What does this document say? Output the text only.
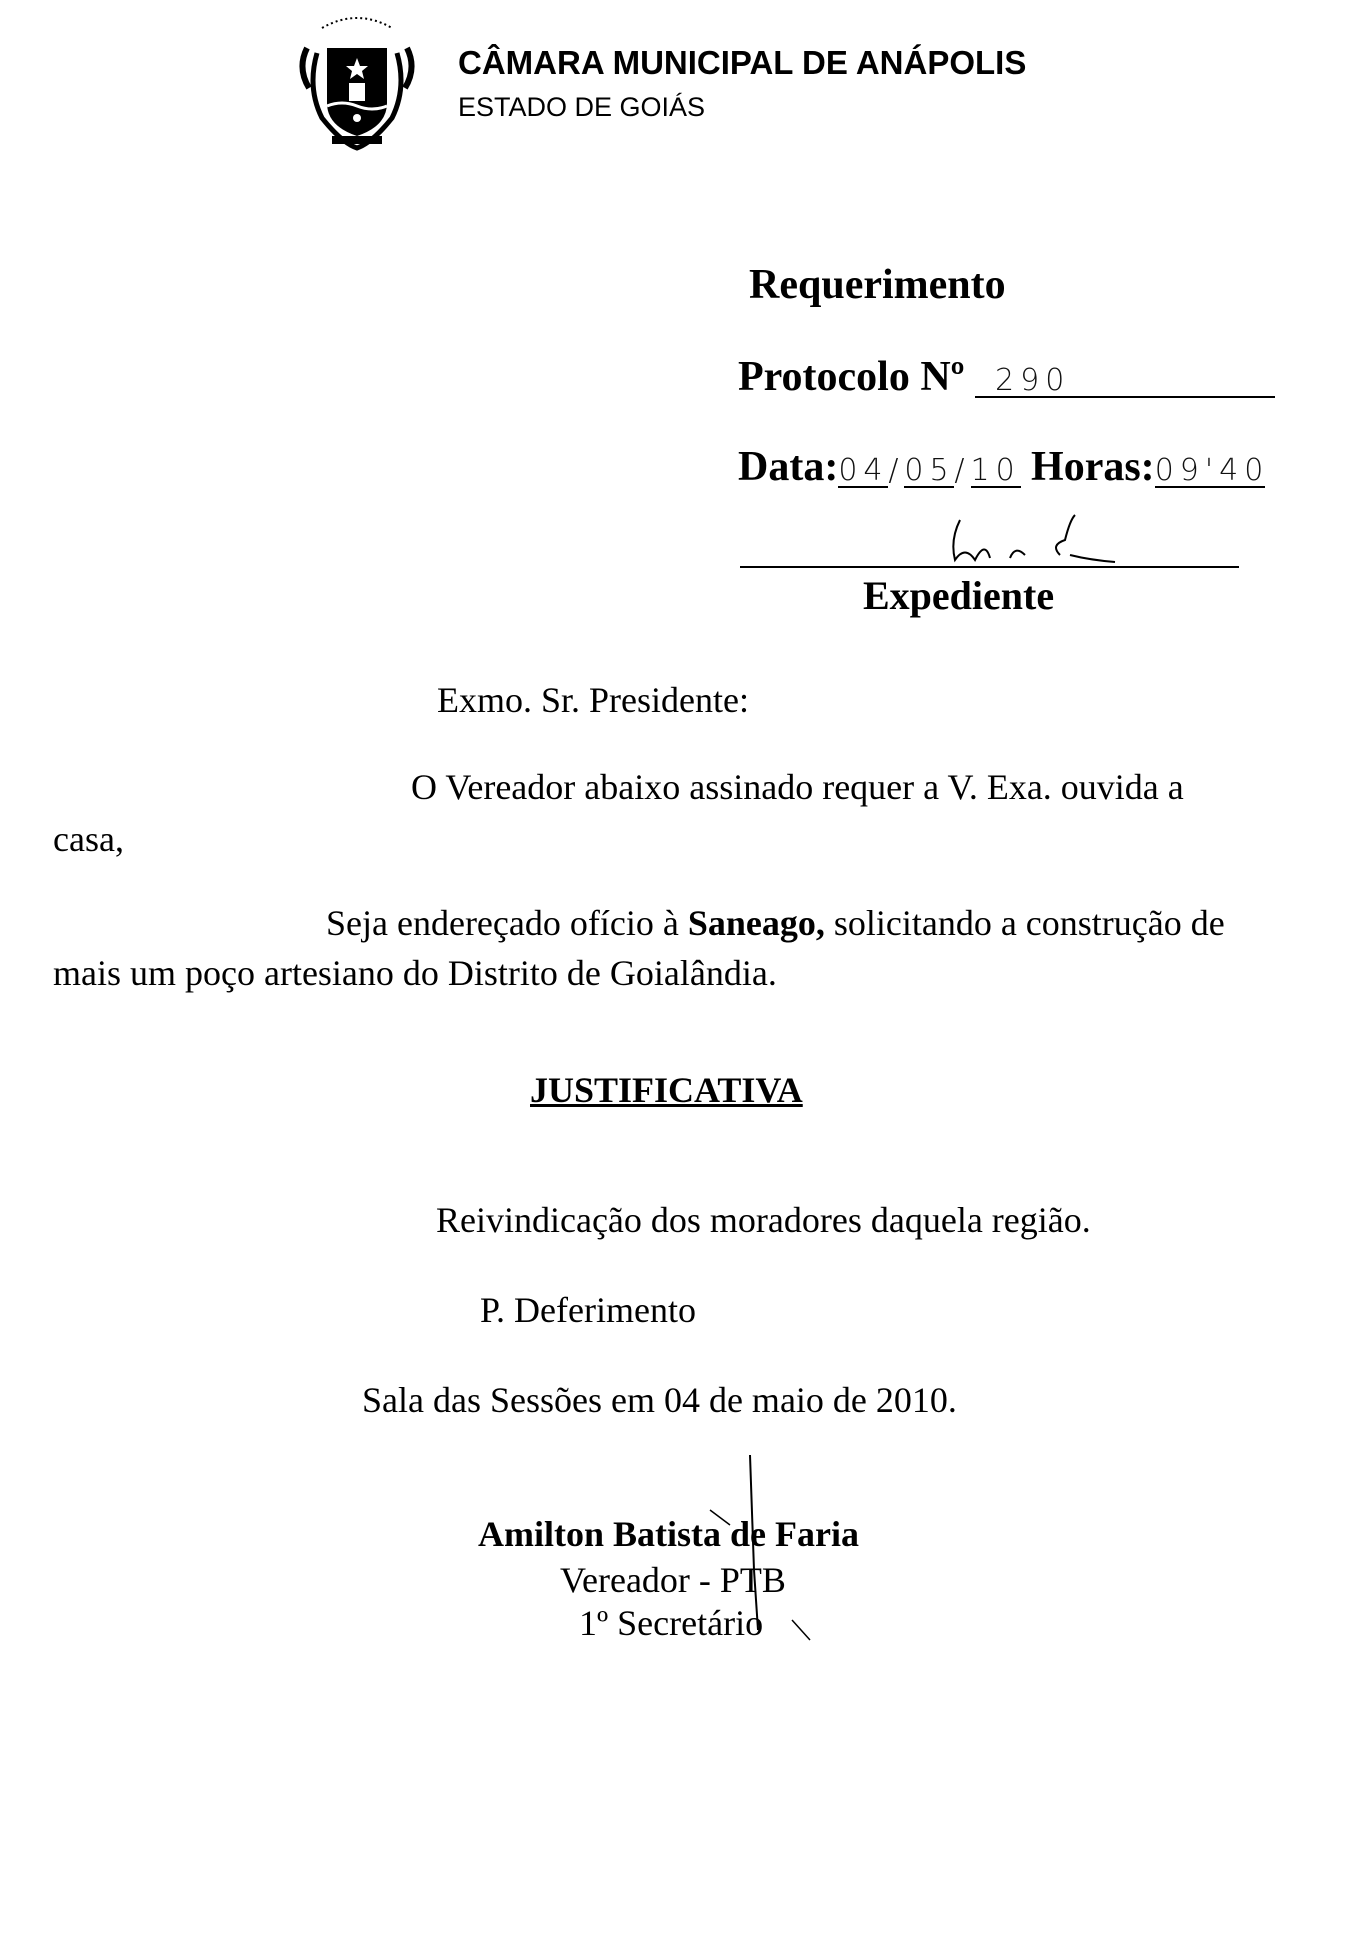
CÂMARA MUNICIPAL DE ANÁPOLIS
ESTADO DE GOIÁS
Requerimento
Protocolo Nº 290
Data:04/05/10 Horas:09'40
Expediente
Exmo. Sr. Presidente:
O Vereador abaixo assinado requer a V. Exa. ouvida a
casa,
Seja endereçado ofício à Saneago, solicitando a construção de
mais um poço artesiano do Distrito de Goialândia.
JUSTIFICATIVA
Reivindicação dos moradores daquela região.
P. Deferimento
Sala das Sessões em 04 de maio de 2010.
Amilton Batista de Faria
Vereador - PTB
1º Secretário
